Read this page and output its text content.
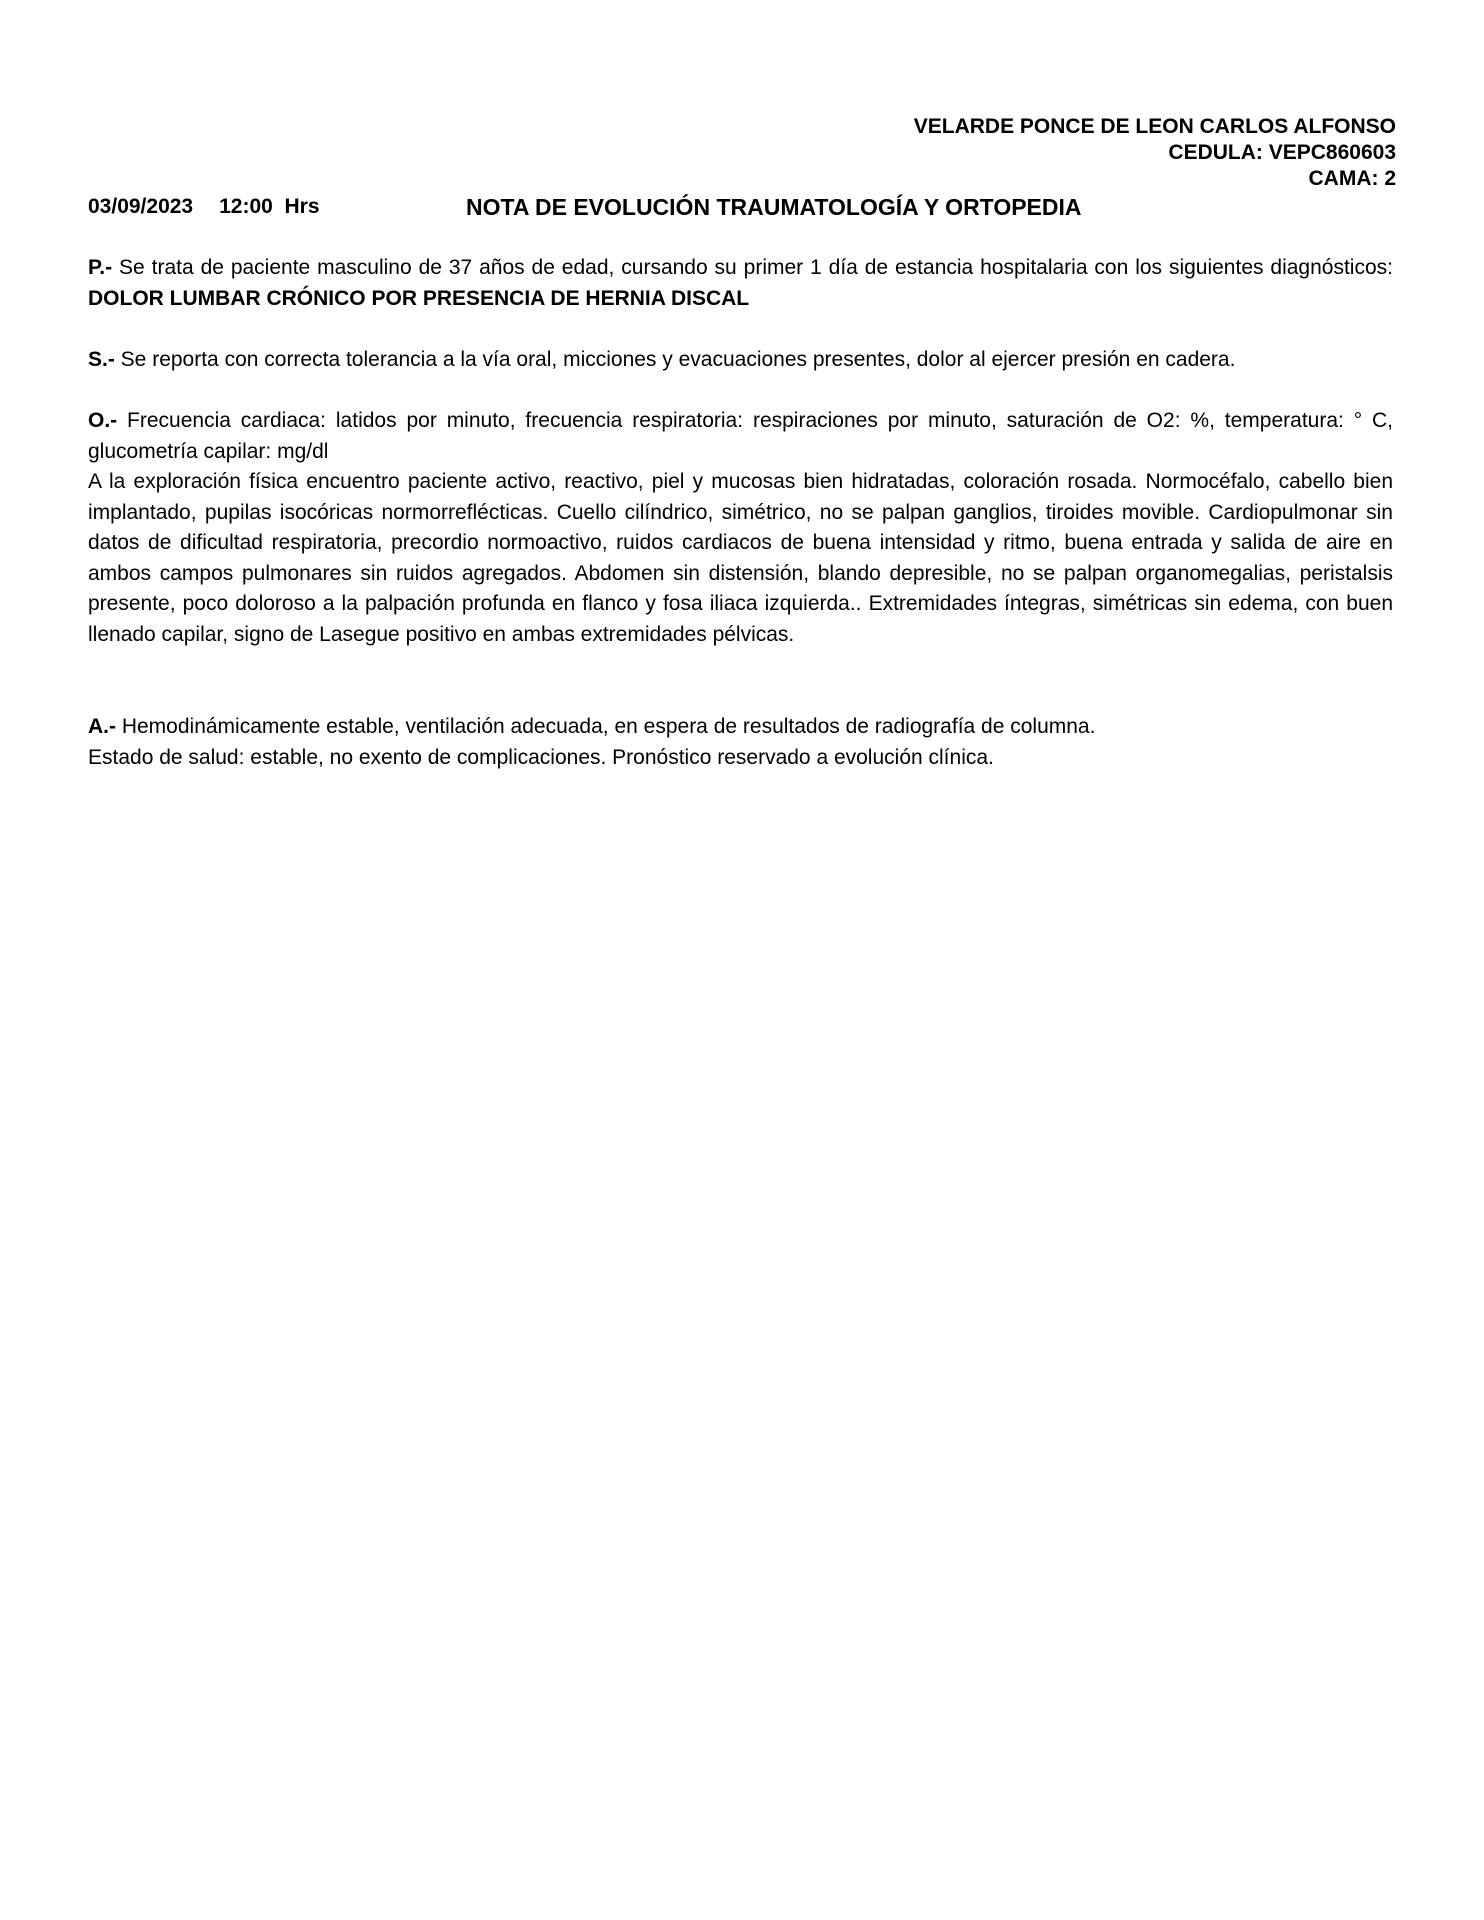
VELARDE PONCE DE LEON CARLOS ALFONSO
CEDULA: VEPC860603
CAMA: 2
03/09/2023 12:00  Hrs	NOTA DE EVOLUCIÓN TRAUMATOLOGÍA Y ORTOPEDIA
P.- Se trata de paciente masculino de 37 años de edad, cursando su primer 1 día de estancia hospitalaria con los siguientes diagnósticos: DOLOR LUMBAR CRÓNICO POR PRESENCIA DE HERNIA DISCAL
S.- Se reporta con correcta tolerancia a la vía oral, micciones y evacuaciones presentes, dolor al ejercer presión en cadera.
O.- Frecuencia cardiaca: latidos por minuto, frecuencia respiratoria: respiraciones por minuto, saturación de O2: %, temperatura: ° C, glucometría capilar: mg/dl
A la exploración física encuentro paciente activo, reactivo, piel y mucosas bien hidratadas, coloración rosada. Normocéfalo, cabello bien implantado, pupilas isocóricas normorreflécticas. Cuello cilíndrico, simétrico, no se palpan ganglios, tiroides movible. Cardiopulmonar sin datos de dificultad respiratoria, precordio normoactivo, ruidos cardiacos de buena intensidad y ritmo, buena entrada y salida de aire en ambos campos pulmonares sin ruidos agregados. Abdomen sin distensión, blando depresible, no se palpan organomegalias, peristalsis presente, poco doloroso a la palpación profunda en flanco y fosa iliaca izquierda.. Extremidades íntegras, simétricas sin edema, con buen llenado capilar, signo de Lasegue positivo en ambas extremidades pélvicas.
A.- Hemodinámicamente estable, ventilación adecuada, en espera de resultados de radiografía de columna.
Estado de salud: estable, no exento de complicaciones. Pronóstico reservado a evolución clínica.
